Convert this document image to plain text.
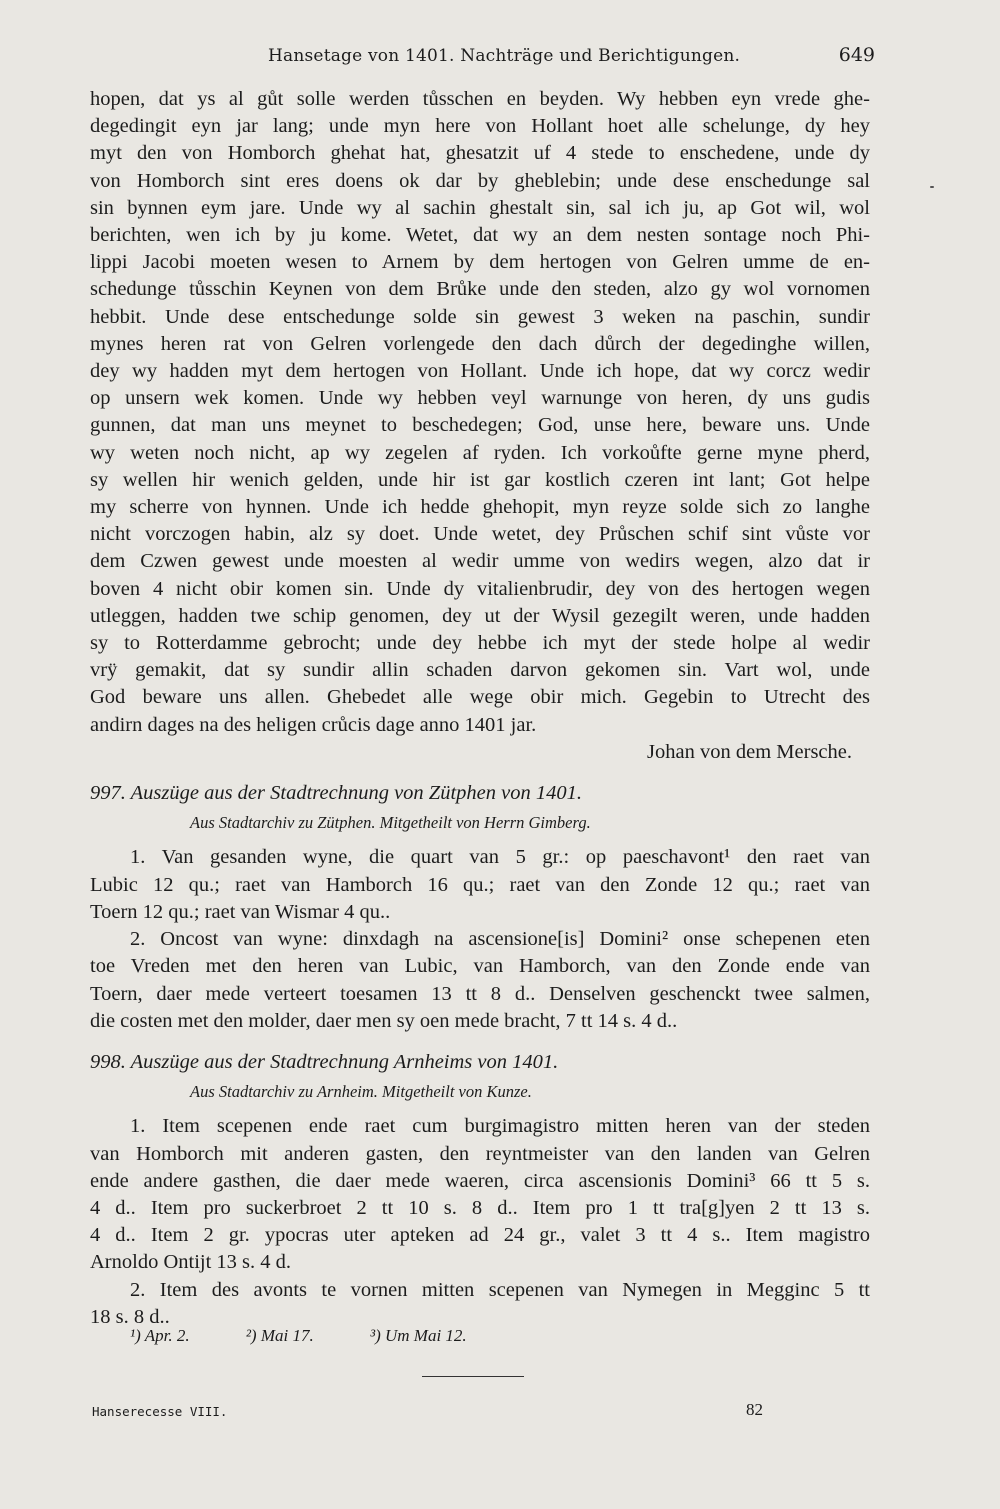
Hansetage von 1401. Nachträge und Berichtigungen.	649
hopen, dat ys al gůt solle werden tůsschen en beyden. Wy hebben eyn vrede ghe-
degedingit eyn jar lang; unde myn here von Hollant hoet alle schelunge, dy hey
myt den von Homborch ghehat hat, ghesatzit uf 4 stede to enschedene, unde dy
von Homborch sint eres doens ok dar by gheblebin; unde dese enschedunge sal
sin bynnen eym jare. Unde wy al sachin ghestalt sin, sal ich ju, ap Got wil, wol
berichten, wen ich by ju kome. Wetet, dat wy an dem nesten sontage noch Phi-
lippi Jacobi moeten wesen to Arnem by dem hertogen von Gelren umme de en-
schedunge tůsschin Keynen von dem Brůke unde den steden, alzo gy wol vornomen
hebbit. Unde dese entschedunge solde sin gewest 3 weken na paschin, sundir
mynes heren rat von Gelren vorlengede den dach důrch der degedinghe willen,
dey wy hadden myt dem hertogen von Hollant. Unde ich hope, dat wy corcz wedir
op unsern wek komen. Unde wy hebben veyl warnunge von heren, dy uns gudis
gunnen, dat man uns meynet to beschedegen; God, unse here, beware uns. Unde
wy weten noch nicht, ap wy zegelen af ryden. Ich vorkoůfte gerne myne pherd,
sy wellen hir wenich gelden, unde hir ist gar kostlich czeren int lant; Got helpe
my scherre von hynnen. Unde ich hedde ghehopit, myn reyze solde sich zo langhe
nicht vorczogen habin, alz sy doet. Unde wetet, dey Průschen schif sint vůste vor
dem Czwen gewest unde moesten al wedir umme von wedirs wegen, alzo dat ir
boven 4 nicht obir komen sin. Unde dy vitalienbrudir, dey von des hertogen wegen
utleggen, hadden twe schip genomen, dey ut der Wysil gezegilt weren, unde hadden
sy to Rotterdamme gebrocht; unde dey hebbe ich myt der stede holpe al wedir
vrÿ gemakit, dat sy sundir allin schaden darvon gekomen sin. Vart wol, unde
God beware uns allen. Ghebedet alle wege obir mich. Gegebin to Utrecht des
andirn dages na des heligen crůcis dage anno 1401 jar.
Johan von dem Mersche.
997. Auszüge aus der Stadtrechnung von Zütphen von 1401.
Aus Stadtarchiv zu Zütphen. Mitgetheilt von Herrn Gimberg.
1. Van gesanden wyne, die quart van 5 gr.: op paeschavont¹ den raet van
Lubic 12 qu.; raet van Hamborch 16 qu.; raet van den Zonde 12 qu.; raet van
Toern 12 qu.; raet van Wismar 4 qu..
2. Oncost van wyne: dinxdagh na ascensione[is] Domini² onse schepenen eten
toe Vreden met den heren van Lubic, van Hamborch, van den Zonde ende van
Toern, daer mede verteert toesamen 13 tt 8 d.. Denselven geschenckt twee salmen,
die costen met den molder, daer men sy oen mede bracht, 7 tt 14 s. 4 d..
998. Auszüge aus der Stadtrechnung Arnheims von 1401.
Aus Stadtarchiv zu Arnheim. Mitgetheilt von Kunze.
1. Item scepenen ende raet cum burgimagistro mitten heren van der steden
van Homborch mit anderen gasten, den reyntmeister van den landen van Gelren
ende andere gasthen, die daer mede waeren, circa ascensionis Domini³ 66 tt 5 s.
4 d.. Item pro suckerbroet 2 tt 10 s. 8 d.. Item pro 1 tt tra[g]yen 2 tt 13 s.
4 d.. Item 2 gr. ypocras uter apteken ad 24 gr., valet 3 tt 4 s.. Item magistro
Arnoldo Ontijt 13 s. 4 d.
2. Item des avonts te vornen mitten scepenen van Nymegen in Megginc 5 tt
18 s. 8 d..
¹) Apr. 2.	²) Mai 17.	³) Um Mai 12.
Hanserecesse VIII.	82
